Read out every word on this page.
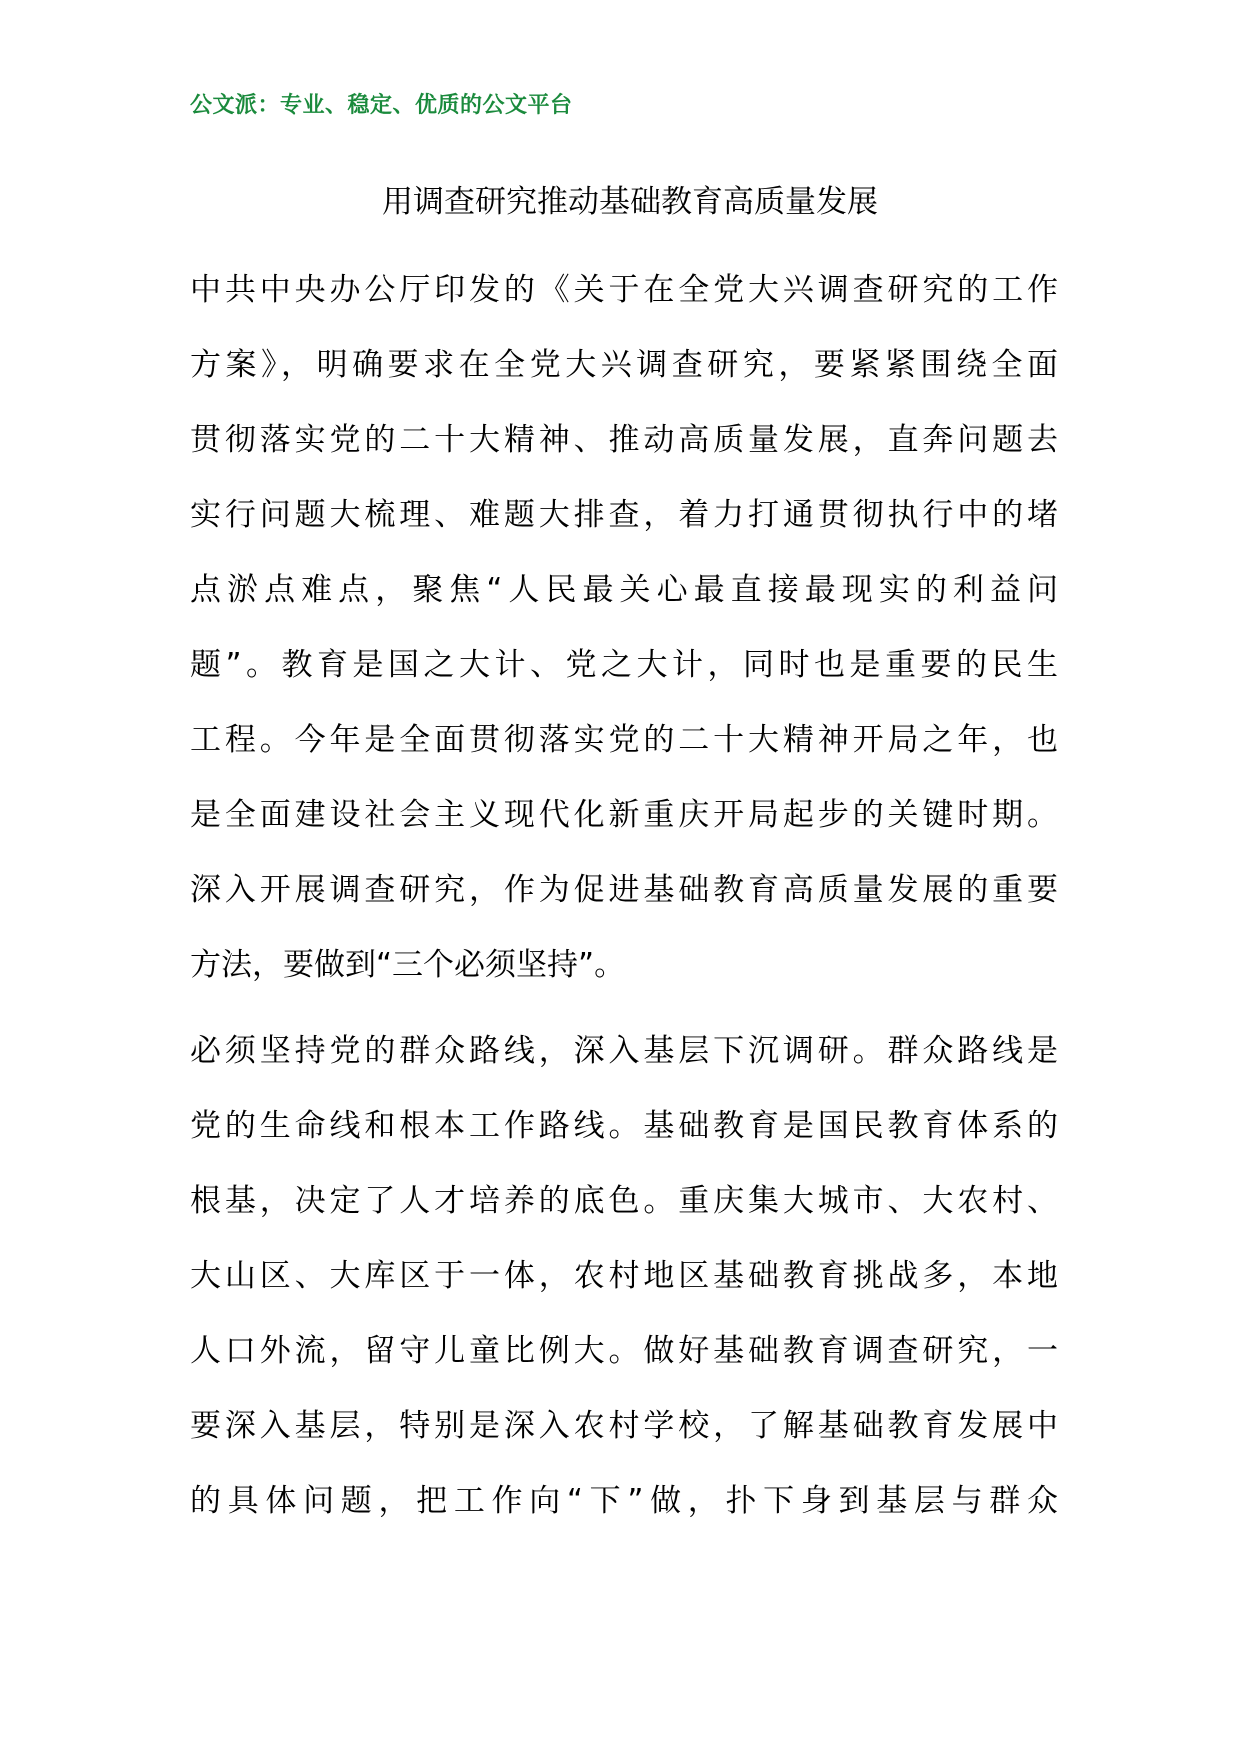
公文派：专业、稳定、优质的公文平台
用调查研究推动基础教育高质量发展
中共中央办公厅印发的《关于在全党大兴调查研究的工作
方案》，明确要求在全党大兴调查研究，要紧紧围绕全面
贯彻落实党的二十大精神、推动高质量发展，直奔问题去
实行问题大梳理、难题大排查，着力打通贯彻执行中的堵
点淤点难点，聚焦“人民最关心最直接最现实的利益问
题”。教育是国之大计、党之大计，同时也是重要的民生
工程。今年是全面贯彻落实党的二十大精神开局之年，也
是全面建设社会主义现代化新重庆开局起步的关键时期。
深入开展调查研究，作为促进基础教育高质量发展的重要
方法，要做到“三个必须坚持”。
必须坚持党的群众路线，深入基层下沉调研。群众路线是
党的生命线和根本工作路线。基础教育是国民教育体系的
根基，决定了人才培养的底色。重庆集大城市、大农村、
大山区、大库区于一体，农村地区基础教育挑战多，本地
人口外流，留守儿童比例大。做好基础教育调查研究，一
要深入基层，特别是深入农村学校，了解基础教育发展中
的具体问题，把工作向“下”做，扑下身到基层与群众
